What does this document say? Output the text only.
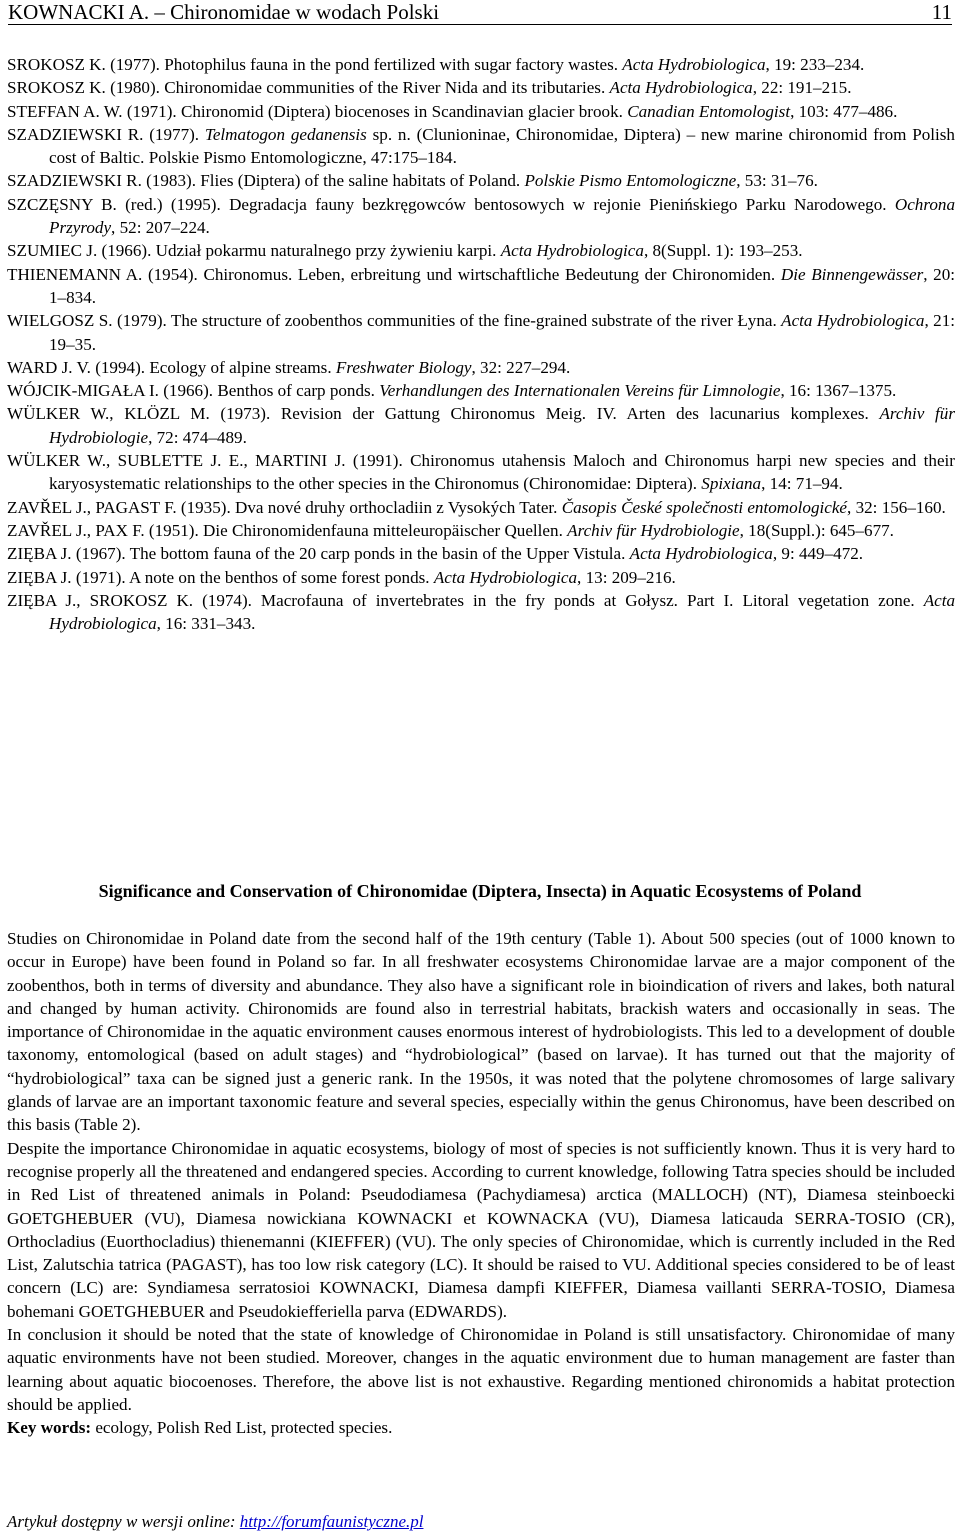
KOWNACKI A. – Chironomidae w wodach Polski	11

SROKOSZ K. (1977). Photophilus fauna in the pond fertilized with sugar factory wastes. Acta Hydrobiologica, 19: 233–234.

SROKOSZ K. (1980). Chironomidae communities of the River Nida and its tributaries. Acta Hydrobiologica, 22: 191–215.

STEFFAN A. W. (1971). Chironomid (Diptera) biocenoses in Scandinavian glacier brook. Canadian Entomologist, 103: 477–486.

SZADZIEWSKI R. (1977). Telmatogon gedanensis sp. n. (Clunioninae, Chironomidae, Diptera) – new marine chironomid from Polish cost of Baltic. Polskie Pismo Entomologiczne, 47:175–184.

SZADZIEWSKI R. (1983). Flies (Diptera) of the saline habitats of Poland. Polskie Pismo Entomologiczne, 53: 31–76.

SZCZĘSNY B. (red.) (1995). Degradacja fauny bezkręgowców bentosowych w rejonie Pienińskiego Parku Narodowego. Ochrona Przyrody, 52: 207–224.

SZUMIEC J. (1966). Udział pokarmu naturalnego przy żywieniu karpi. Acta Hydrobiologica, 8(Suppl. 1): 193–253.

THIENEMANN A. (1954). Chironomus. Leben, erbreitung und wirtschaftliche Bedeutung der Chironomiden. Die Binnengewässer, 20: 1–834.

WIELGOSZ S. (1979). The structure of zoobenthos communities of the fine-grained substrate of the river Łyna. Acta Hydrobiologica, 21: 19–35.

WARD J. V. (1994). Ecology of alpine streams. Freshwater Biology, 32: 227–294.

WÓJCIK-MIGAŁA I. (1966). Benthos of carp ponds. Verhandlungen des Internationalen Vereins für Limnologie, 16: 1367–1375.

WÜLKER W., KLÖZL M. (1973). Revision der Gattung Chironomus Meig. IV. Arten des lacunarius komplexes. Archiv für Hydrobiologie, 72: 474–489.

WÜLKER W., SUBLETTE J. E., MARTINI J. (1991). Chironomus utahensis Maloch and Chironomus harpi new species and their karyosystematic relationships to the other species in the Chironomus (Chironomidae: Diptera). Spixiana, 14: 71–94.

ZAVŘEL J., PAGAST F. (1935). Dva nové druhy orthocladiin z Vysokých Tater. Časopis České společnosti entomologické, 32: 156–160.

ZAVŘEL J., PAX F. (1951). Die Chironomidenfauna mitteleuropäischer Quellen. Archiv für Hydrobiologie, 18(Suppl.): 645–677.

ZIĘBA J. (1967). The bottom fauna of the 20 carp ponds in the basin of the Upper Vistula. Acta Hydrobiologica, 9: 449–472.

ZIĘBA J. (1971). A note on the benthos of some forest ponds. Acta Hydrobiologica, 13: 209–216.

ZIĘBA J., SROKOSZ K. (1974). Macrofauna of invertebrates in the fry ponds at Gołysz. Part I. Litoral vegetation zone. Acta Hydrobiologica, 16: 331–343.

Significance and Conservation of Chironomidae (Diptera, Insecta) in Aquatic Ecosystems of Poland

Studies on Chironomidae in Poland date from the second half of the 19th century (Table 1). About 500 species (out of 1000 known to occur in Europe) have been found in Poland so far. In all freshwater ecosystems Chironomidae larvae are a major component of the zoobenthos, both in terms of diversity and abundance. They also have a significant role in bioindication of rivers and lakes, both natural and changed by human activity. Chironomids are found also in terrestrial habitats, brackish waters and occasionally in seas. The importance of Chironomidae in the aquatic environment causes enormous interest of hydrobiologists. This led to a development of double taxonomy, entomological (based on adult stages) and “hydrobiological” (based on larvae). It has turned out that the majority of “hydrobiological” taxa can be signed just a generic rank. In the 1950s, it was noted that the polytene chromosomes of large salivary glands of larvae are an important taxonomic feature and several species, especially within the genus Chironomus, have been described on this basis (Table 2).

Despite the importance Chironomidae in aquatic ecosystems, biology of most of species is not sufficiently known. Thus it is very hard to recognise properly all the threatened and endangered species. According to current knowledge, following Tatra species should be included in Red List of threatened animals in Poland: Pseudodiamesa (Pachydiamesa) arctica (MALLOCH) (NT), Diamesa steinboecki GOETGHEBUER (VU), Diamesa nowickiana KOWNACKI et KOWNACKA (VU), Diamesa laticauda SERRA-TOSIO (CR), Orthocladius (Euorthocladius) thienemanni (KIEFFER) (VU). The only species of Chironomidae, which is currently included in the Red List, Zalutschia tatrica (PAGAST), has too low risk category (LC). It should be raised to VU. Additional species considered to be of least concern (LC) are: Syndiamesa serratosioi KOWNACKI, Diamesa dampfi KIEFFER, Diamesa vaillanti SERRA-TOSIO, Diamesa bohemani GOETGHEBUER and Pseudokiefferiella parva (EDWARDS).

In conclusion it should be noted that the state of knowledge of Chironomidae in Poland is still unsatisfactory. Chironomidae of many aquatic environments have not been studied. Moreover, changes in the aquatic environment due to human management are faster than learning about aquatic biocoenoses. Therefore, the above list is not exhaustive. Regarding mentioned chironomids a habitat protection should be applied.

Key words: ecology, Polish Red List, protected species.

Artykuł dostępny w wersji online: http://forumfaunistyczne.pl
